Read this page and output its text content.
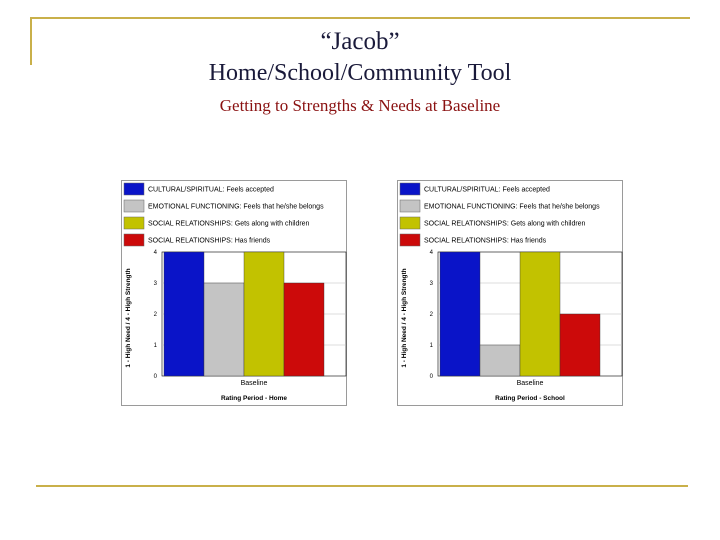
“Jacob”
Home/School/Community Tool
Getting to Strengths & Needs at Baseline
CULTURAL/SPIRITUAL: Feels accepted
EMOTIONAL FUNCTIONING: Feels that he/she belongs
SOCIAL RELATIONSHIPS: Gets along with children
SOCIAL RELATIONSHIPS: Has friends
0
1
2
3
4
Baseline
Rating Period - Home
1 - High Need / 4 - High Strength
CULTURAL/SPIRITUAL: Feels accepted
EMOTIONAL FUNCTIONING: Feels that he/she belongs
SOCIAL RELATIONSHIPS: Gets along with children
SOCIAL RELATIONSHIPS: Has friends
0
1
2
3
4
Baseline
Rating Period - School
1 - High Need / 4 - High Strength
